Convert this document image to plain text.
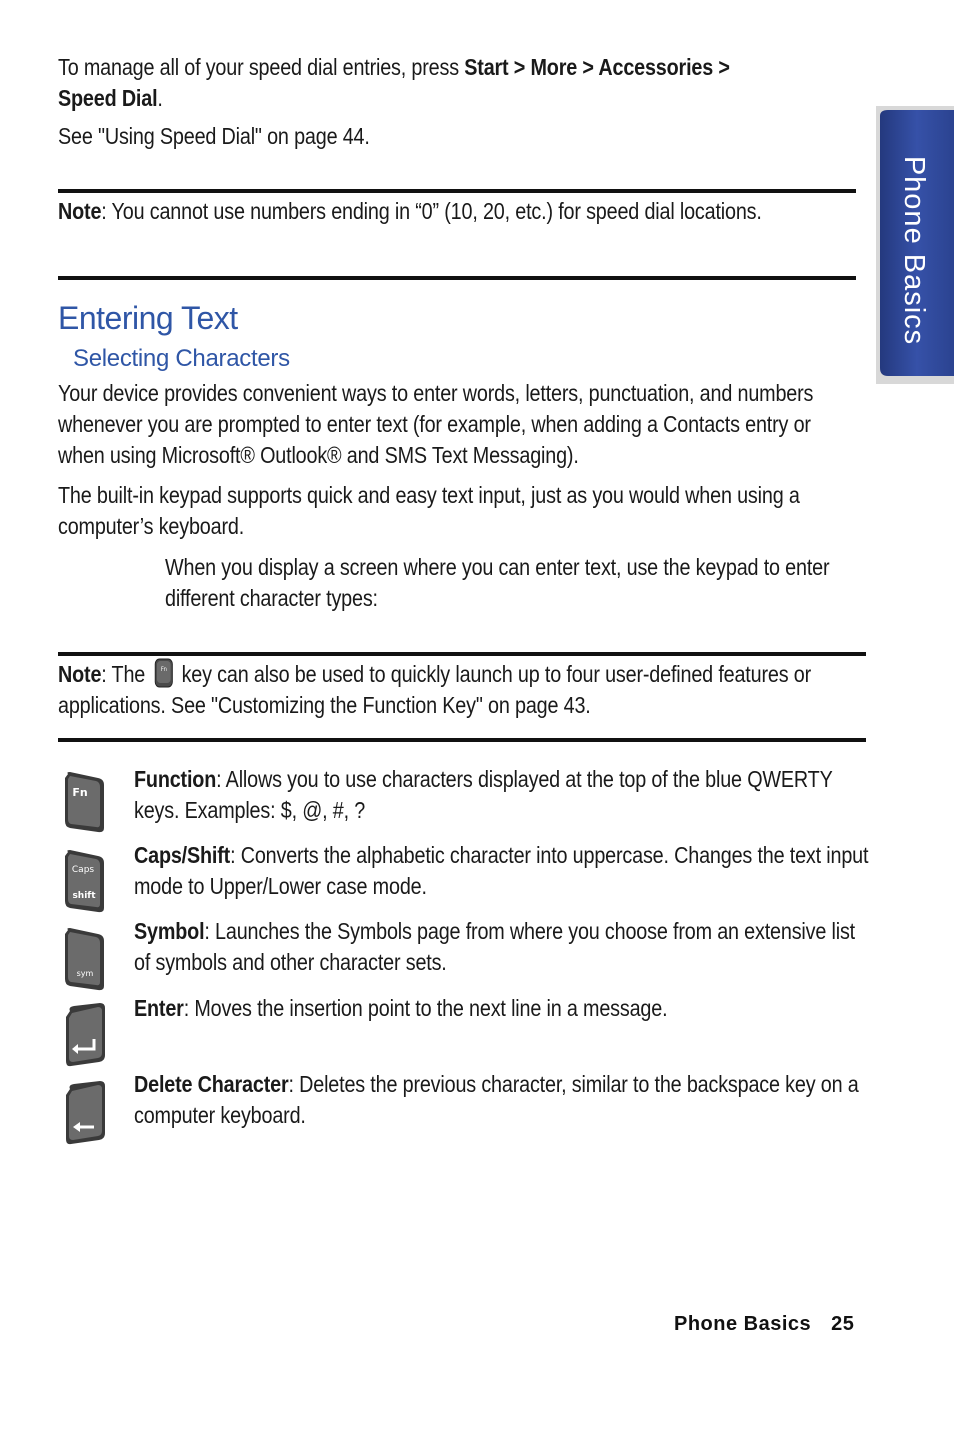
To manage all of your speed dial entries, press Start > More > Accessories >
Speed Dial.

See "Using Speed Dial" on page 44.

Note: You cannot use numbers ending in “0” (10, 20, etc.) for speed dial locations.

Entering Text
Selecting Characters

Your device provides convenient ways to enter words, letters, punctuation, and numbers whenever you are prompted to enter text (for example, when adding a Contacts entry or when using Microsoft® Outlook® and SMS Text Messaging).

The built-in keypad supports quick and easy text input, just as you would when using a computer’s keyboard.

When you display a screen where you can enter text, use the keypad to enter different character types:

Note: The Fn key can also be used to quickly launch up to four user-defined features or applications. See "Customizing the Function Key" on page 43.

Fn

Function: Allows you to use characters displayed at the top of the blue QWERTY keys. Examples: $, @, #, ?

Caps
shift

Caps/Shift: Converts the alphabetic character into uppercase. Changes the text input mode to Upper/Lower case mode.

sym

Symbol: Launches the Symbols page from where you choose from an extensive list of symbols and other character sets.

Enter: Moves the insertion point to the next line in a message.

Delete Character: Deletes the previous character, similar to the backspace key on a computer keyboard.

Phone Basics
Phone Basics 25
